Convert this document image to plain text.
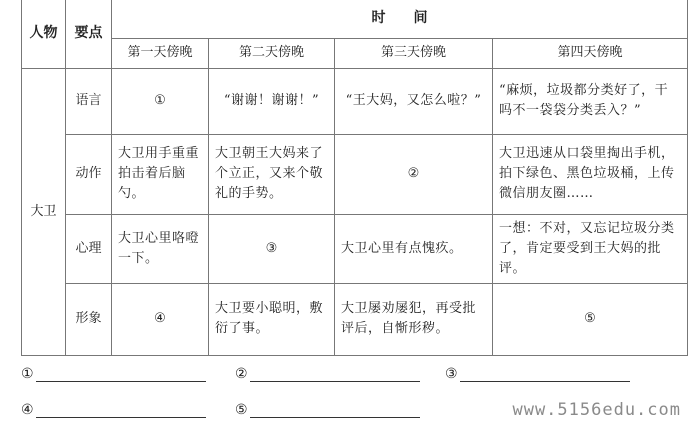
人物	要点	时　　间			
		第一天傍晚	第二天傍晚	第三天傍晚	第四天傍晚
大卫	语言	①	“谢谢！谢谢！”	“王大妈，又怎么啦？”	“麻烦，垃圾都分类好了，干吗不一袋袋分类丢入？”
	动作	大卫用手重重拍击着后脑勺。	大卫朝王大妈来了个立正，又来个敬礼的手势。	②	大卫迅速从口袋里掏出手机，拍下绿色、黑色垃圾桶，上传微信朋友圈……
	心理	大卫心里咯噔一下。	③	大卫心里有点愧疚。	一想：不对，又忘记垃圾分类了，肯定要受到王大妈的批评。
	形象	④	大卫要小聪明，敷衍了事。	大卫屡劝屡犯，再受批评后，自惭形秽。	⑤
①	②	③
④	⑤	www.5156edu.com
